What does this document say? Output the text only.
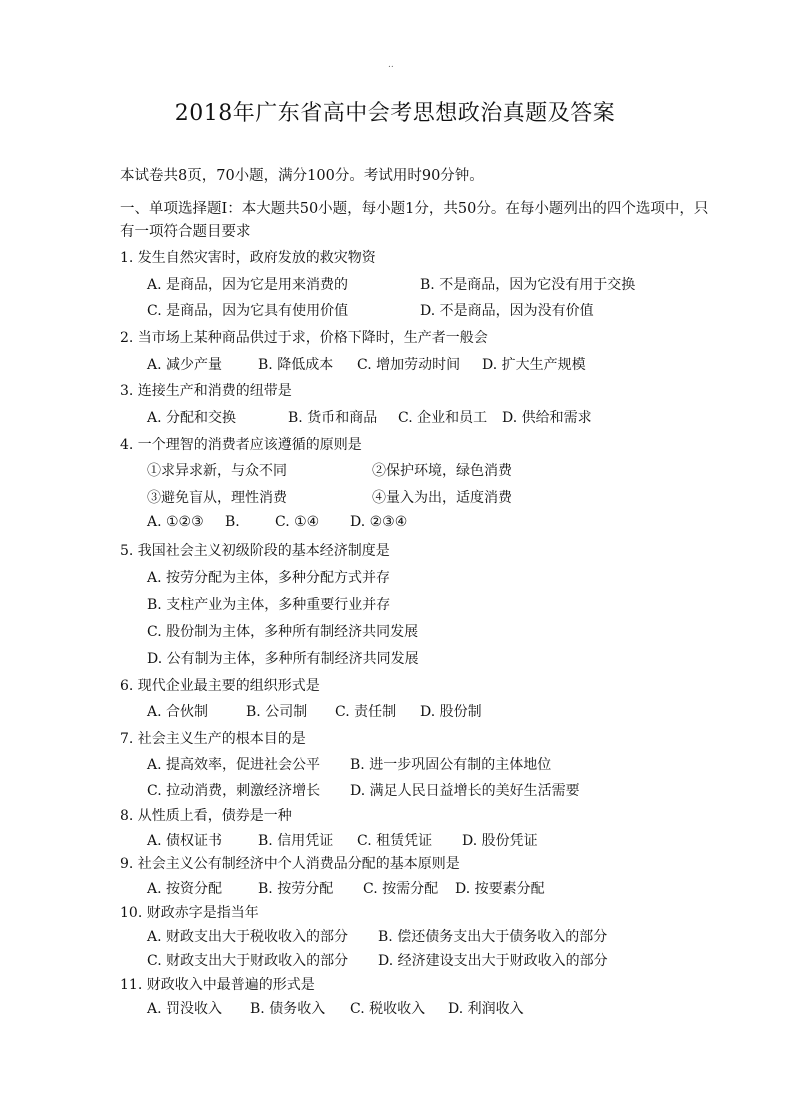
..
2018年广东省高中会考思想政治真题及答案
本试卷共8页，70小题，满分100分。考试用时90分钟。
一、单项选择题I：本大题共50小题，每小题1分，共50分。在每小题列出的四个选项中，只有一项符合题目要求
1. 发生自然灾害时，政府发放的救灾物资
A. 是商品，因为它是用来消费的	B. 不是商品，因为它没有用于交换
C. 是商品，因为它具有使用价值	D. 不是商品，因为没有价值
2. 当市场上某种商品供过于求，价格下降时，生产者一般会
A. 减少产量	B. 降低成本 C. 增加劳动时间 D. 扩大生产规模
3. 连接生产和消费的纽带是
A. 分配和交换	B. 货币和商品 C. 企业和员工 D. 供给和需求
4. 一个理智的消费者应该遵循的原则是
①求异求新，与众不同	②保护环境，绿色消费
③避免盲从，理性消费	④量入为出，适度消费
A. ①②③ B.	C. ①④ D. ②③④
5. 我国社会主义初级阶段的基本经济制度是
A. 按劳分配为主体，多种分配方式并存
B. 支柱产业为主体，多种重要行业并存
C. 股份制为主体，多种所有制经济共同发展
D. 公有制为主体，多种所有制经济共同发展
6. 现代企业最主要的组织形式是
A. 合伙制	B. 公司制 C. 责任制 D. 股份制
7. 社会主义生产的根本目的是
A. 提高效率，促进社会公平 B. 进一步巩固公有制的主体地位
C. 拉动消费，刺激经济增长 D. 满足人民日益增长的美好生活需要
8. 从性质上看，债券是一种
A. 债权证书	B. 信用凭证 C. 租赁凭证 D. 股份凭证
9. 社会主义公有制经济中个人消费品分配的基本原则是
A. 按资分配	B. 按劳分配 C. 按需分配 D. 按要素分配
10. 财政赤字是指当年
A. 财政支出大于税收收入的部分 B. 偿还债务支出大于债务收入的部分
C. 财政支出大于财政收入的部分 D. 经济建设支出大于财政收入的部分
11. 财政收入中最普遍的形式是
A. 罚没收入 B. 债务收入 C. 税收收入 D. 利润收入
